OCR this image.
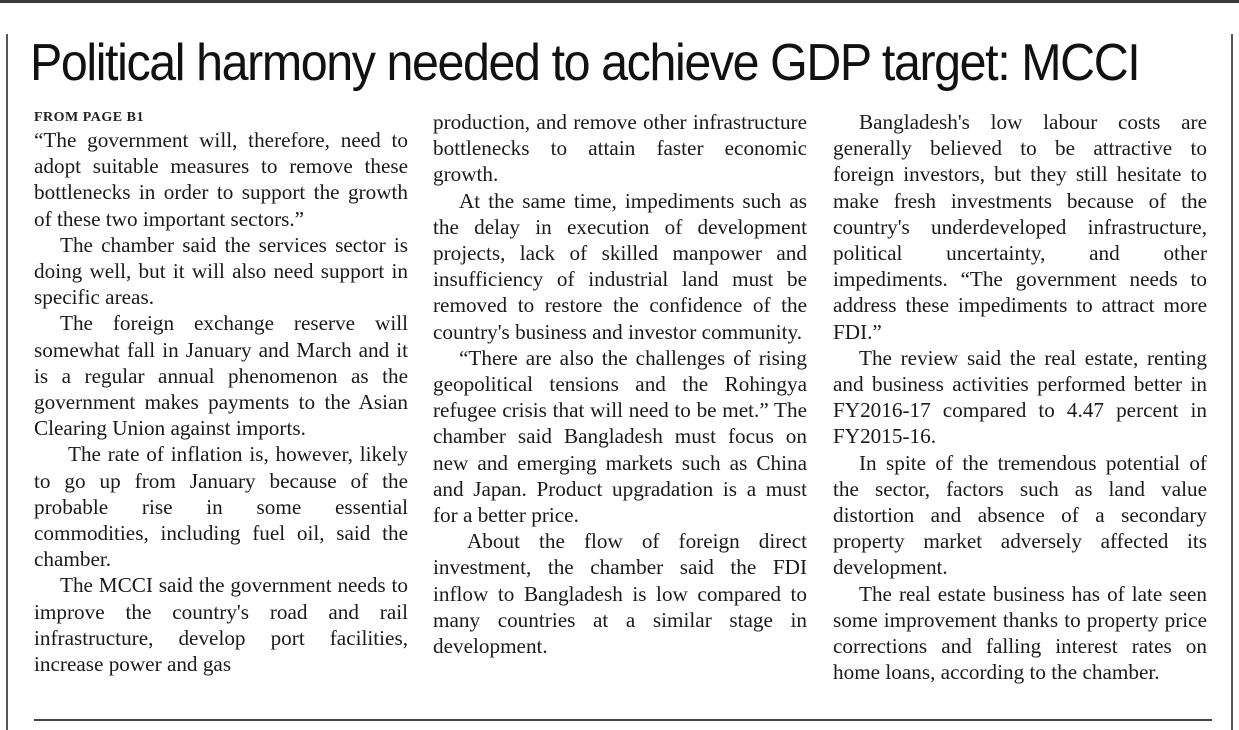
Political harmony needed to achieve GDP target: MCCI

FROM PAGE B1

“The government will, therefore, need to adopt suitable measures to remove these bottlenecks in order to support the growth of these two important sectors.”

The chamber said the services sector is doing well, but it will also need support in specific areas.

The foreign exchange reserve will somewhat fall in January and March and it is a regular annual phenomenon as the government makes payments to the Asian Clearing Union against imports.

The rate of inflation is, however, likely to go up from January because of the probable rise in some essential commodities, including fuel oil, said the chamber.

The MCCI said the government needs to improve the country's road and rail infrastructure, develop port facilities, increase power and gas

production, and remove other infrastructure bottlenecks to attain faster economic growth.

At the same time, impediments such as the delay in execution of development projects, lack of skilled manpower and insufficiency of industrial land must be removed to restore the confidence of the country's business and investor community.

“There are also the challenges of rising geopolitical tensions and the Rohingya refugee crisis that will need to be met.” The chamber said Bangladesh must focus on new and emerging markets such as China and Japan. Product upgradation is a must for a better price.

About the flow of foreign direct investment, the chamber said the FDI inflow to Bangladesh is low compared to many countries at a similar stage in development.

Bangladesh's low labour costs are generally believed to be attractive to foreign investors, but they still hesitate to make fresh investments because of the country's underdeveloped infrastructure, political uncertainty, and other impediments. “The government needs to address these impediments to attract more FDI.”

The review said the real estate, renting and business activities performed better in FY2016-17 compared to 4.47 percent in FY2015-16.

In spite of the tremendous potential of the sector, factors such as land value distortion and absence of a secondary property market adversely affected its development.

The real estate business has of late seen some improvement thanks to property price corrections and falling interest rates on home loans, according to the chamber.
